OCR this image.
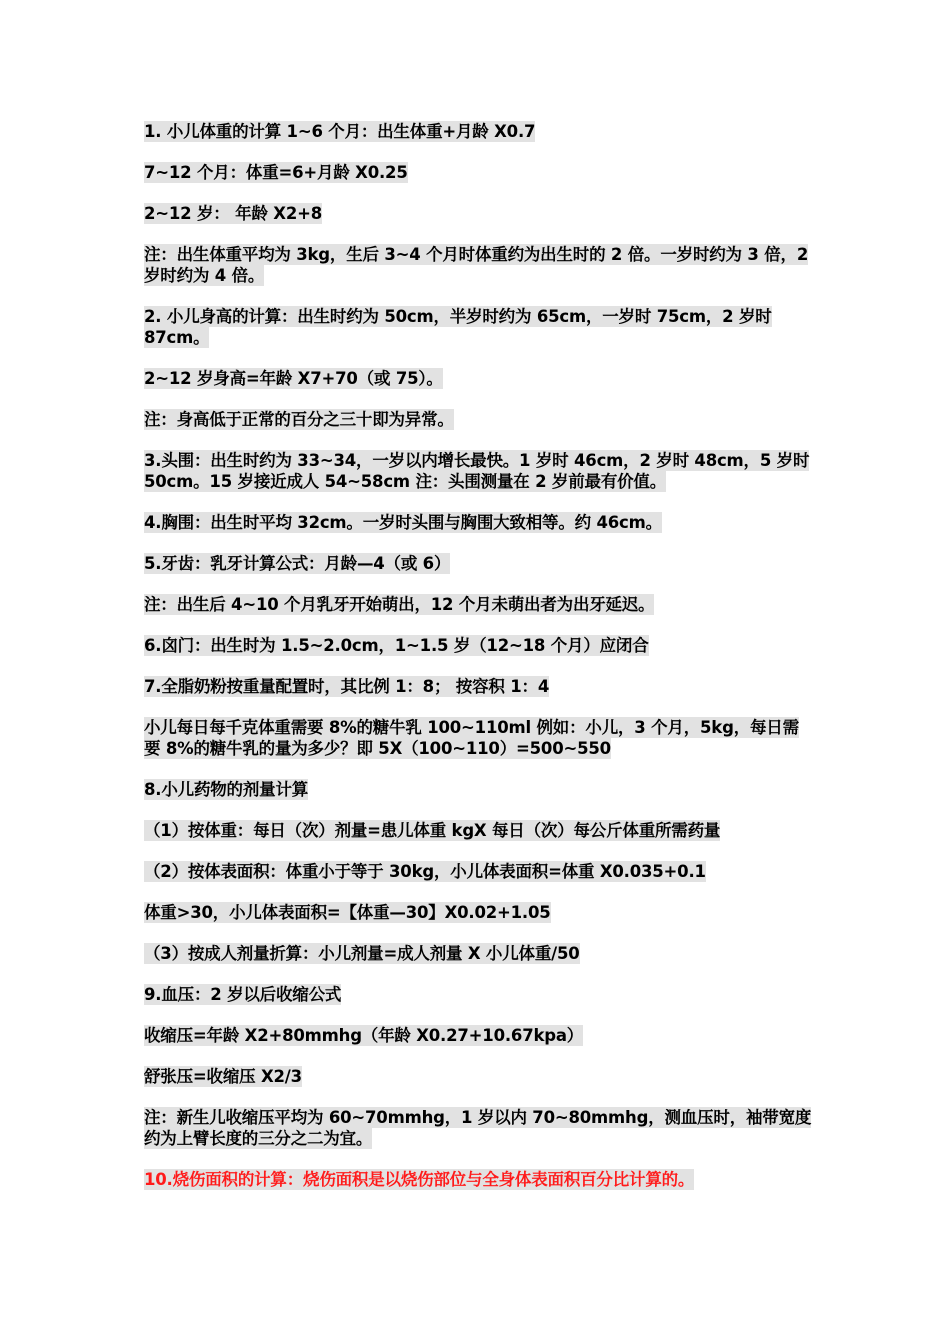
1. 小儿体重的计算 1~6 个月：出生体重+月龄 X0.7

7~12 个月：体重=6+月龄 X0.25

2~12 岁： 年龄 X2+8

注：出生体重平均为 3kg，生后 3~4 个月时体重约为出生时的 2 倍。一岁时约为 3 倍，2 岁时约为 4 倍。

2. 小儿身高的计算：出生时约为 50cm，半岁时约为 65cm，一岁时 75cm，2 岁时 87cm。

2~12 岁身高=年龄 X7+70（或 75）。

注：身高低于正常的百分之三十即为异常。

3.头围：出生时约为 33~34，一岁以内增长最快。1 岁时 46cm，2 岁时 48cm，5 岁时 50cm。15 岁接近成人 54~58cm 注：头围测量在 2 岁前最有价值。

4.胸围：出生时平均 32cm。一岁时头围与胸围大致相等。约 46cm。

5.牙齿：乳牙计算公式：月龄—4（或 6）

注：出生后 4~10 个月乳牙开始萌出，12 个月未萌出者为出牙延迟。

6.囟门：出生时为 1.5~2.0cm，1~1.5 岁（12~18 个月）应闭合

7.全脂奶粉按重量配置时，其比例 1：8； 按容积 1：4

小儿每日每千克体重需要 8%的糖牛乳 100~110ml 例如：小儿，3 个月，5kg，每日需要 8%的糖牛乳的量为多少？即 5X（100~110）=500~550

8.小儿药物的剂量计算

（1）按体重：每日（次）剂量=患儿体重 kgX 每日（次）每公斤体重所需药量

（2）按体表面积：体重小于等于 30kg，小儿体表面积=体重 X0.035+0.1

体重>30，小儿体表面积=【体重—30】X0.02+1.05

（3）按成人剂量折算：小儿剂量=成人剂量 X 小儿体重/50

9.血压：2 岁以后收缩公式

收缩压=年龄 X2+80mmhg（年龄 X0.27+10.67kpa）

舒张压=收缩压 X2/3

注：新生儿收缩压平均为 60~70mmhg，1 岁以内 70~80mmhg，测血压时，袖带宽度约为上臂长度的三分之二为宜。

10.烧伤面积的计算：烧伤面积是以烧伤部位与全身体表面积百分比计算的。
